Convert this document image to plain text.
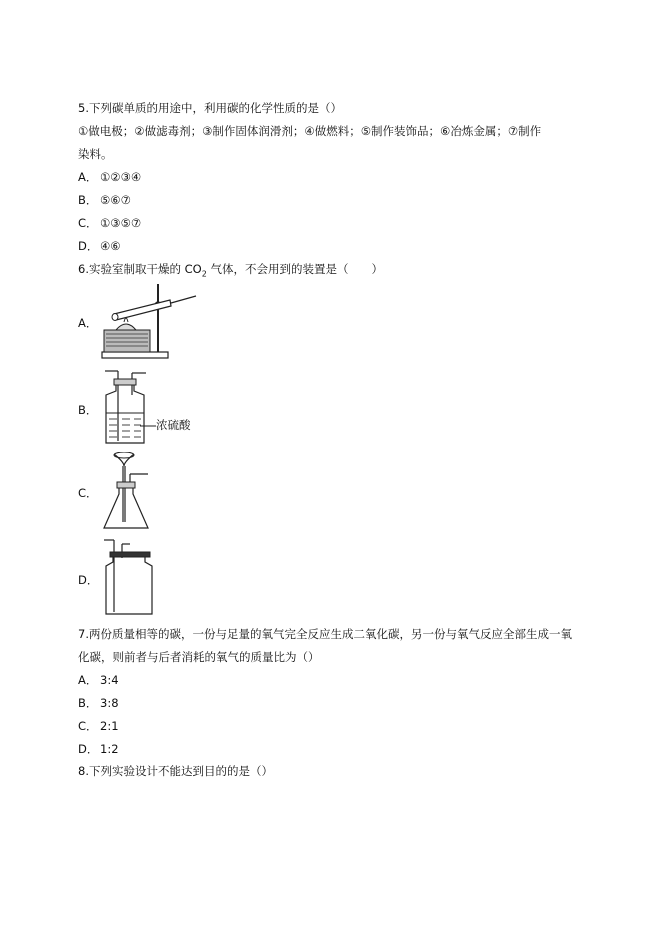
5.下列碳单质的用途中，利用碳的化学性质的是（）
①做电极；②做滤毒剂；③制作固体润滑剂；④做燃料；⑤制作装饰品；⑥冶炼金属；⑦制作
染料。
A． ①②③④
B． ⑤⑥⑦
C． ①③⑤⑦
D． ④⑥
6.实验室制取干燥的 $CO_2$ 气体，不会用到的装置是（　　）
A．
B．
浓硫酸
C．
D．
7.两份质量相等的碳，一份与足量的氧气完全反应生成二氧化碳，另一份与氧气反应全部生成一氧
化碳，则前者与后者消耗的氧气的质量比为（）
A． 3:4
B． 3:8
C． 2:1
D． 1:2
8.下列实验设计不能达到目的的是（）
